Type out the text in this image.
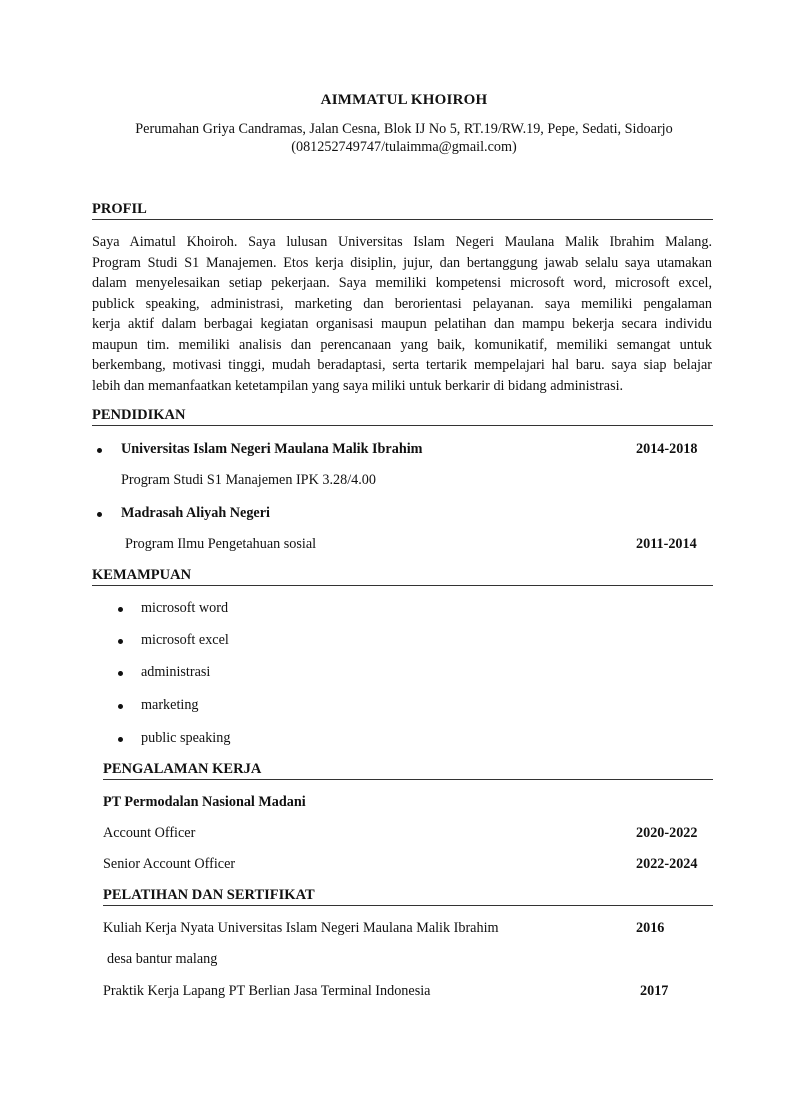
AIMMATUL KHOIROH
Perumahan Griya Candramas, Jalan Cesna, Blok IJ No 5, RT.19/RW.19, Pepe, Sedati, Sidoarjo
(081252749747/tulaimma@gmail.com)
PROFIL
Saya Aimatul Khoiroh. Saya lulusan Universitas Islam Negeri Maulana Malik Ibrahim Malang.
Program Studi S1 Manajemen. Etos kerja disiplin, jujur, dan bertanggung jawab selalu saya utamakan
dalam menyelesaikan setiap pekerjaan. Saya memiliki kompetensi microsoft word, microsoft excel,
publick speaking, administrasi, marketing dan berorientasi pelayanan. saya memiliki pengalaman
kerja aktif dalam berbagai kegiatan organisasi maupun pelatihan dan mampu bekerja secara individu
maupun tim. memiliki analisis dan perencanaan yang baik, komunikatif, memiliki semangat untuk
berkembang, motivasi tinggi, mudah beradaptasi, serta tertarik mempelajari hal baru. saya siap belajar
lebih dan memanfaatkan ketetampilan yang saya miliki untuk berkarir di bidang administrasi.
PENDIDIKAN
Universitas Islam Negeri Maulana Malik Ibrahim	2014-2018
Program Studi S1 Manajemen IPK 3.28/4.00
Madrasah Aliyah Negeri
Program Ilmu Pengetahuan sosial	2011-2014
KEMAMPUAN
microsoft word
microsoft excel
administrasi
marketing
public speaking
PENGALAMAN KERJA
PT Permodalan Nasional Madani
Account Officer	2020-2022
Senior Account Officer	2022-2024
PELATIHAN DAN SERTIFIKAT
Kuliah Kerja Nyata Universitas Islam Negeri Maulana Malik Ibrahim	2016
desa bantur malang
Praktik Kerja Lapang PT Berlian Jasa Terminal Indonesia	2017
